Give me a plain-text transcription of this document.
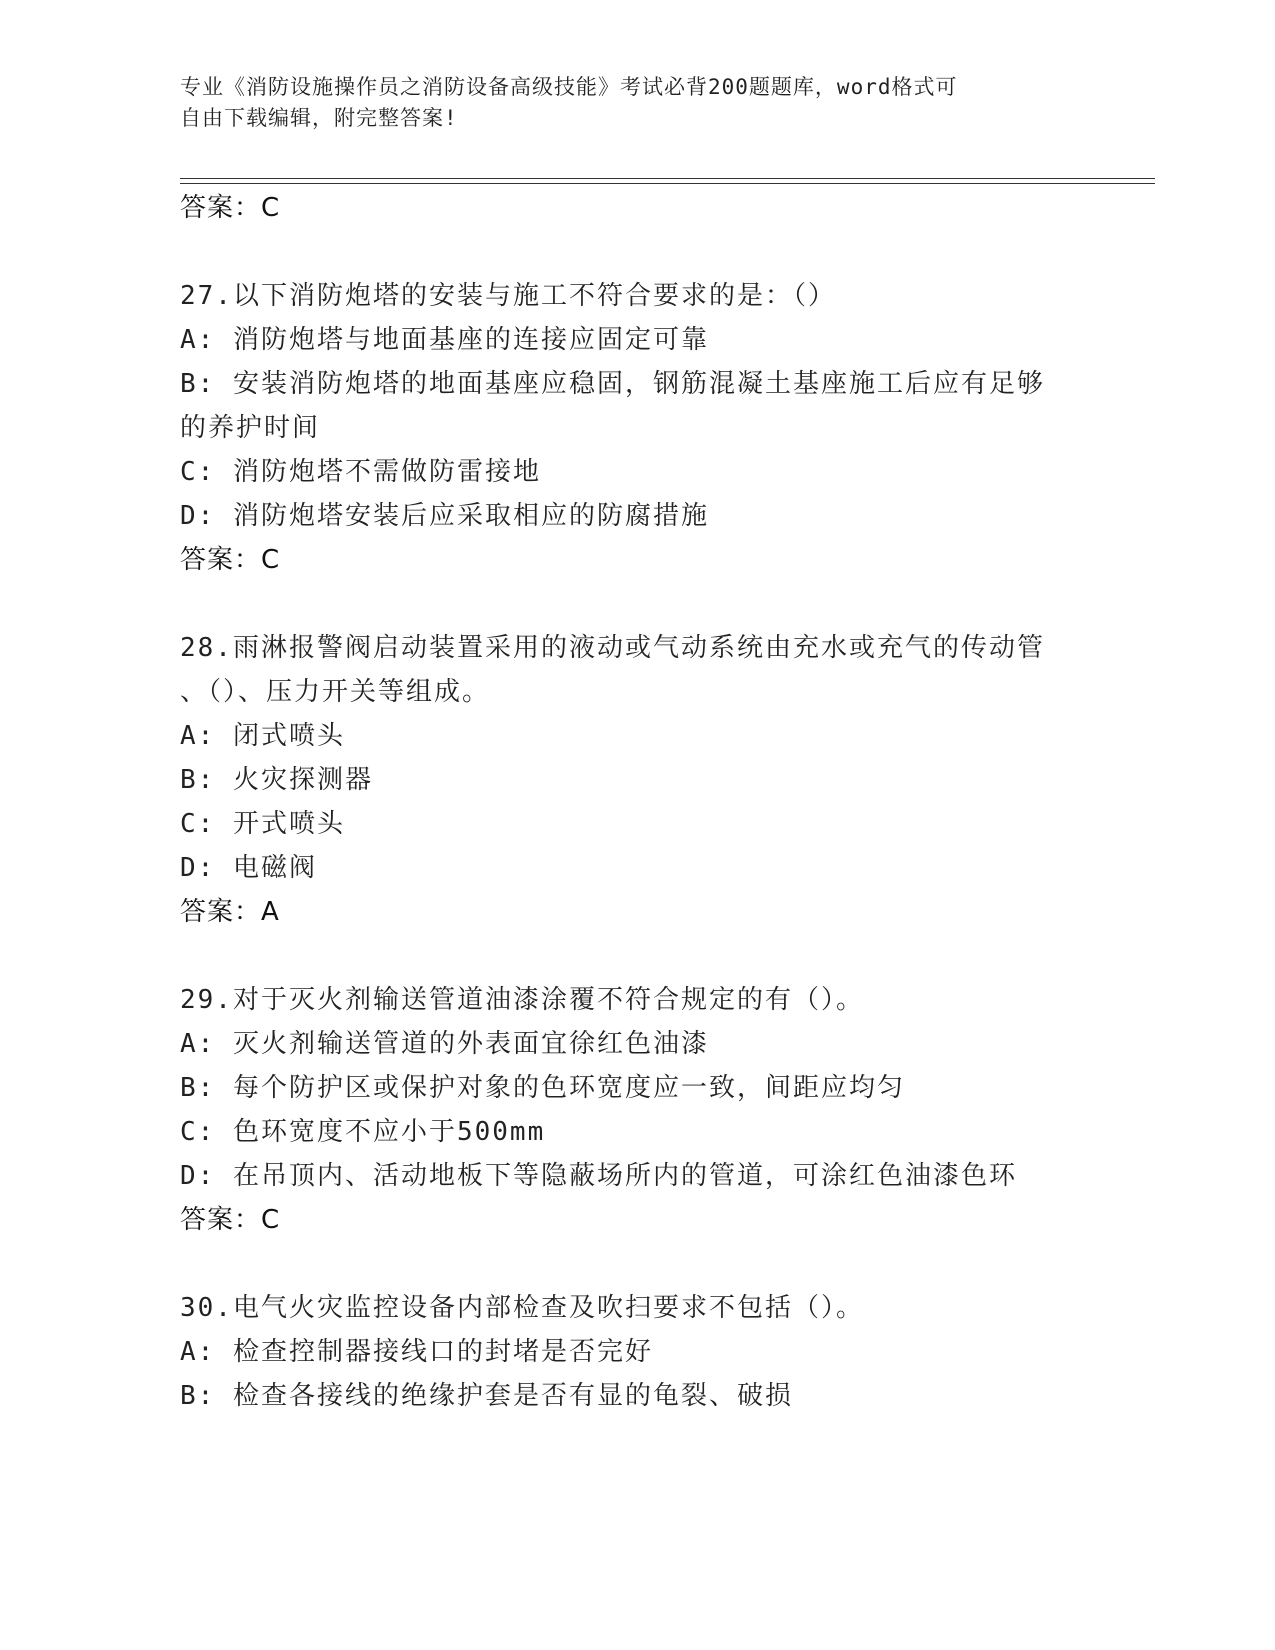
专业《消防设施操作员之消防设备高级技能》考试必背200题题库，word格式可
自由下载编辑，附完整答案!
答案：C
27.以下消防炮塔的安装与施工不符合要求的是：（）
A: 消防炮塔与地面基座的连接应固定可靠
B: 安装消防炮塔的地面基座应稳固，钢筋混凝土基座施工后应有足够
的养护时间
C: 消防炮塔不需做防雷接地
D: 消防炮塔安装后应采取相应的防腐措施
答案：C
28.雨淋报警阀启动装置采用的液动或气动系统由充水或充气的传动管
、（）、压力开关等组成。
A: 闭式喷头
B: 火灾探测器
C: 开式喷头
D: 电磁阀
答案：A
29.对于灭火剂输送管道油漆涂覆不符合规定的有（）。
A: 灭火剂输送管道的外表面宜徐红色油漆
B: 每个防护区或保护对象的色环宽度应一致，间距应均匀
C: 色环宽度不应小于500mm
D: 在吊顶内、活动地板下等隐蔽场所内的管道，可涂红色油漆色环
答案：C
30.电气火灾监控设备内部检查及吹扫要求不包括（）。
A: 检查控制器接线口的封堵是否完好
B: 检查各接线的绝缘护套是否有显的龟裂、破损
